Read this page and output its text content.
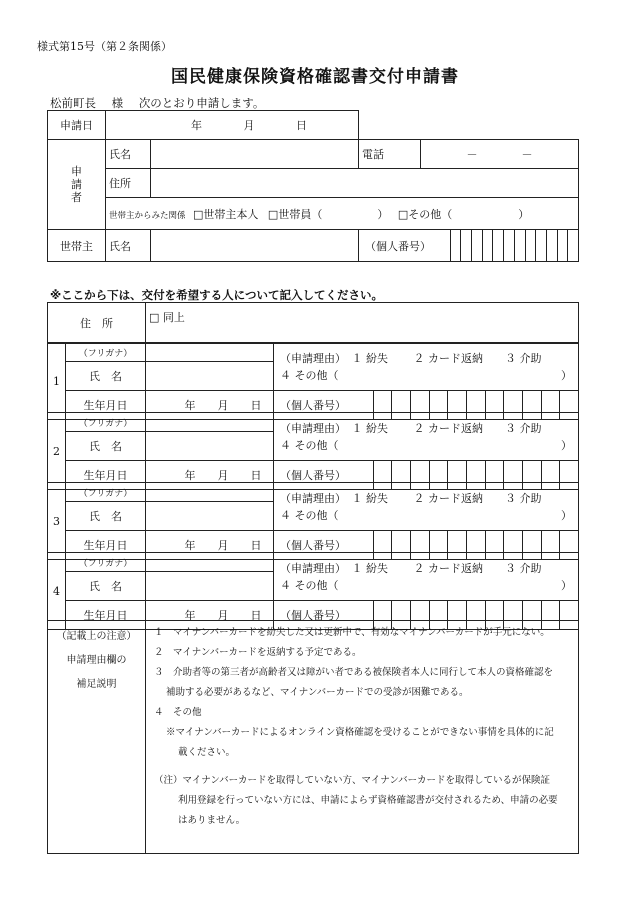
様式第15号（第２条関係）
国民健康保険資格確認書交付申請書
松前町長 様 次のとおり申請します。
申請日	年 月 日			
申請者	氏名		電話	－　　　　－
	住所			
	世帯主からみた関係 □世帯主本人 □世帯員（　　　　　） □その他（　　　　　　）			
世帯主	氏名		（個人番号）	
※ここから下は、交付を希望する人について記入してください。
住　所	□ 同上
1	（フリガナ）		（申請理由）　１ 紛失　　 ２ カード返納　　３ 介助
４ その他（ ）

	氏　名		
	生年月日	年　　月　　日	（個人番号）
2	（フリガナ）		（申請理由）　１ 紛失　　 ２ カード返納　　３ 介助
４ その他（ ）

	氏　名		
	生年月日	年　　月　　日	（個人番号）
3	（フリガナ）		（申請理由）　１ 紛失　　 ２ カード返納　　３ 介助
４ その他（ ）

	氏　名		
	生年月日	年　　月　　日	（個人番号）
4	（フリガナ）		（申請理由）　１ 紛失　　 ２ カード返納　　３ 介助
４ その他（ ）

	氏　名		
	生年月日	年　　月　　日	（個人番号）
（記載上の注意）
申請理由欄の
補足説明

１　マイナンバーカードを紛失した又は更新中で、有効なマイナンバーカードが手元にない。

２　マイナンバーカードを返納する予定である。

３　介助者等の第三者が高齢者又は障がい者である被保険者本人に同行して本人の資格確認を

補助する必要があるなど、マイナンバーカードでの受診が困難である。

４　その他

※マイナンバーカードによるオンライン資格確認を受けることができない事情を具体的に記

載ください。

（注）マイナンバーカードを取得していない方、マイナンバーカードを取得しているが保険証

利用登録を行っていない方には、申請によらず資格確認書が交付されるため、申請の必要

はありません。
